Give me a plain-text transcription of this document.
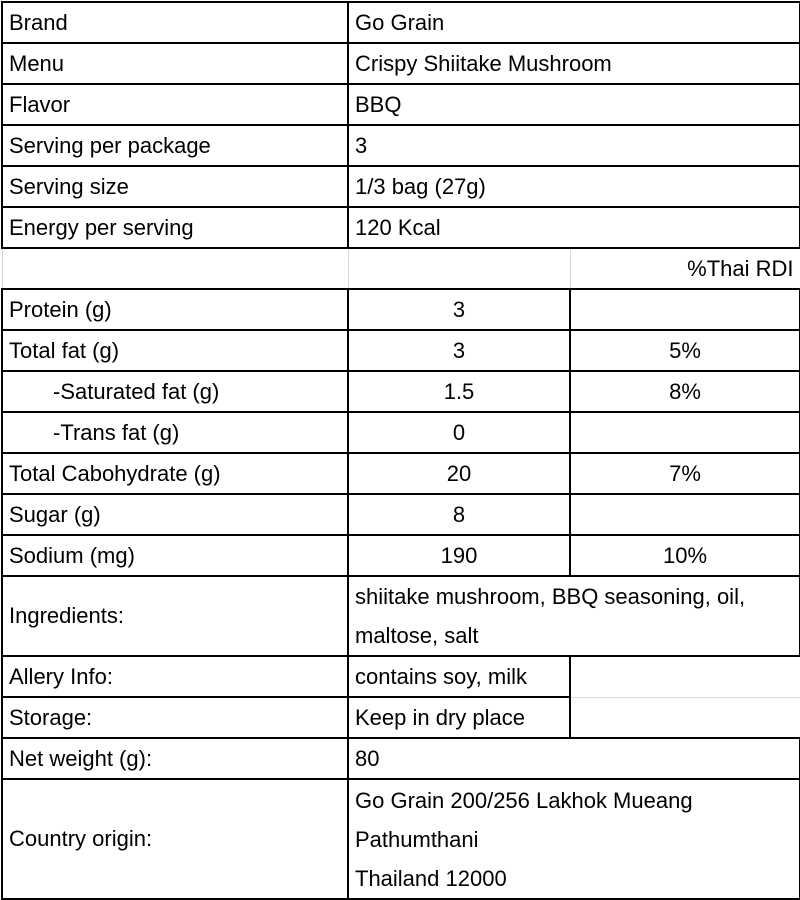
Brand	Go Grain	
Menu	Crispy Shiitake Mushroom	
Flavor	BBQ	
Serving per package	3	
Serving size	1/3 bag (27g)	
Energy per serving	120 Kcal	
		%Thai RDI
Protein (g)	3	
Total fat (g)	3	5%
-Saturated fat (g)	1.5	8%
-Trans fat (g)	0	
Total Cabohydrate (g)	20	7%
Sugar (g)	8	
Sodium (mg)	190	10%
Ingredients:	shiitake mushroom, BBQ seasoning, oil, maltose, salt	
Allery Info:	contains soy, milk	
Storage:	Keep in dry place	
Net weight (g):	80	
Country origin:	Go Grain 200/256 Lakhok Mueang
Pathumthani
Thailand 12000	
